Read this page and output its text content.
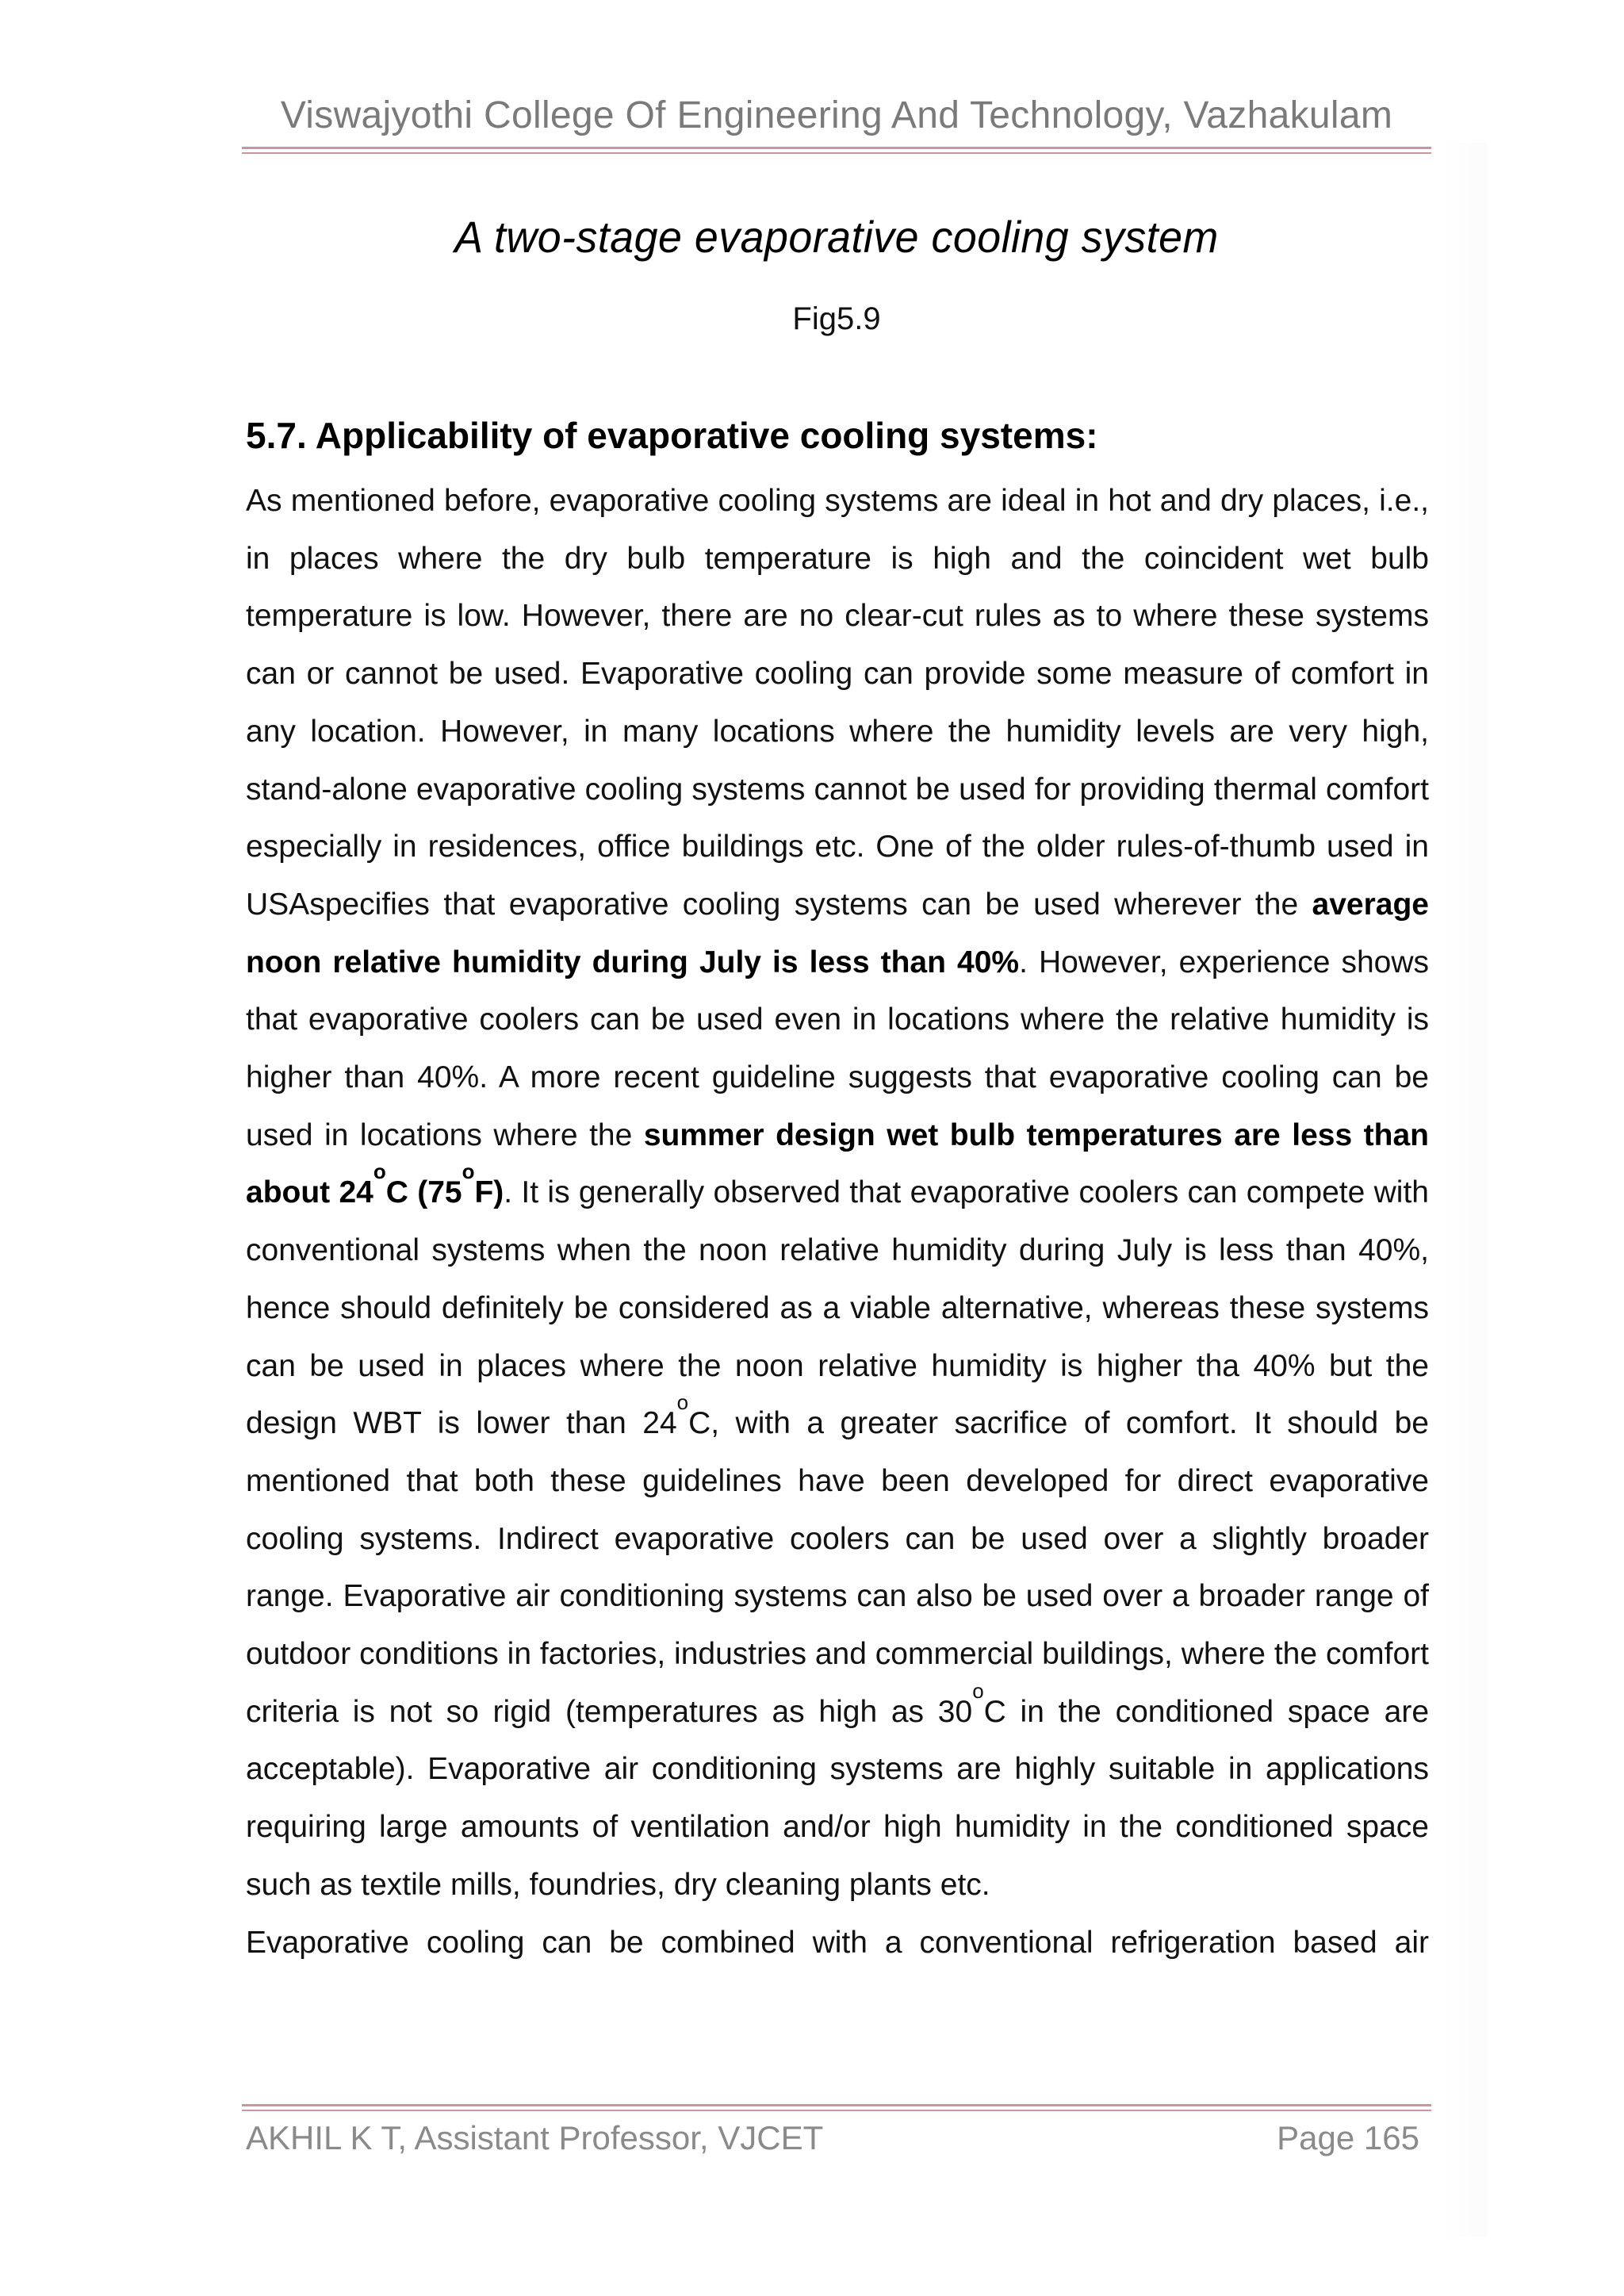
Viswajyothi College Of Engineering And Technology, Vazhakulam
A two-stage evaporative cooling system
Fig5.9
5.7. Applicability of evaporative cooling systems:

As mentioned before, evaporative cooling systems are ideal in hot and dry places, i.e., in places where the dry bulb temperature is high and the coincident wet bulb temperature is low. However, there are no clear-cut rules as to where these systems can or cannot be used. Evaporative cooling can provide some measure of comfort in any location. However, in many locations where the humidity levels are very high, stand-alone evaporative cooling systems cannot be used for providing thermal comfort especially in residences, office buildings etc. One of the older rules-of-thumb used in USAspecifies that evaporative cooling systems can be used wherever the average noon relative humidity during July is less than 40%. However, experience shows that evaporative coolers can be used even in locations where the relative humidity is higher than 40%. A more recent guideline suggests that evaporative cooling can be used in locations where the summer design wet bulb temperatures are less than about 24$^o$C (75$^o$F). It is generally observed that evaporative coolers can compete with conventional systems when the noon relative humidity during July is less than 40%, hence should definitely be considered as a viable alternative, whereas these systems can be used in places where the noon relative humidity is higher tha 40% but the design WBT is lower than 24$^o$C, with a greater sacrifice of comfort. It should be mentioned that both these guidelines have been developed for direct evaporative cooling systems. Indirect evaporative coolers can be used over a slightly broader range. Evaporative air conditioning systems can also be used over a broader range of outdoor conditions in factories, industries and commercial buildings, where the comfort criteria is not so rigid (temperatures as high as 30$^o$C in the conditioned space are acceptable). Evaporative air conditioning systems are highly suitable in applications requiring large amounts of ventilation and/or high humidity in the conditioned space such as textile mills, foundries, dry cleaning plants etc.

Evaporative cooling can be combined with a conventional refrigeration based air

AKHIL K T, Assistant Professor, VJCET	Page 165
